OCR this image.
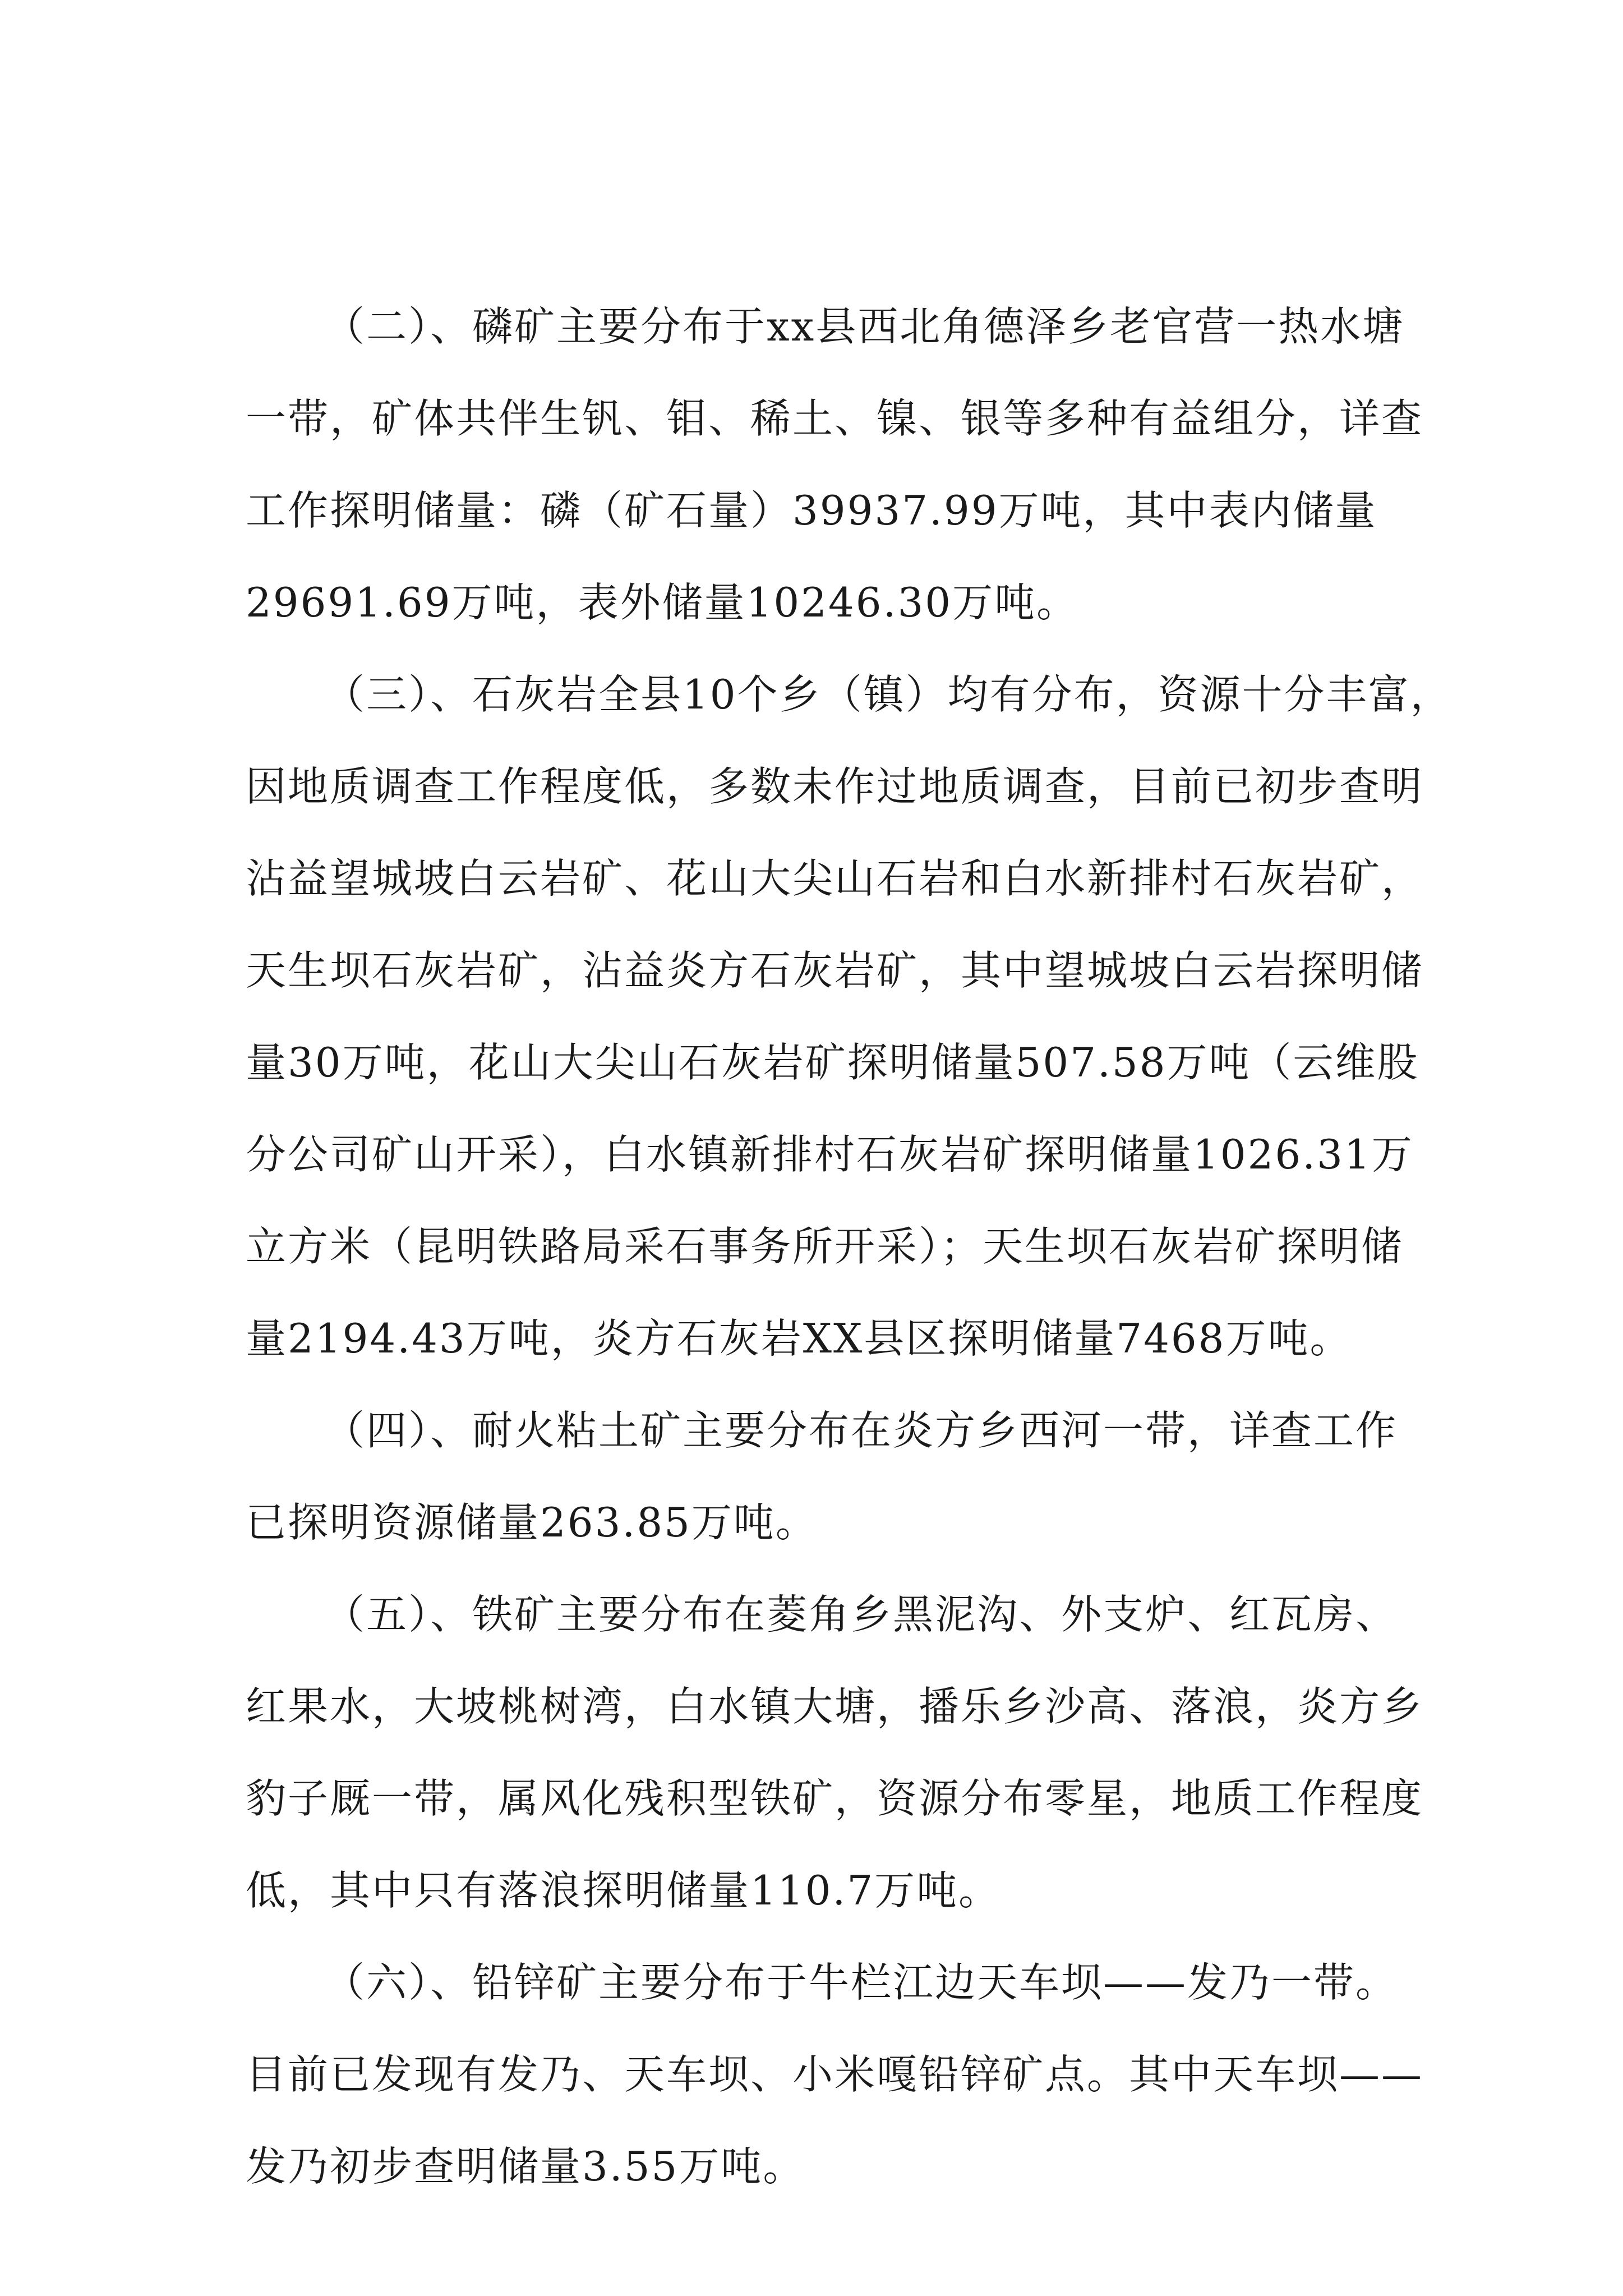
（二）、磷矿主要分布于xx县西北角德泽乡老官营一热水塘
一带，矿体共伴生钒、钼、稀土、镍、银等多种有益组分，详查
工作探明储量：磷（矿石量）39937.99万吨，其中表内储量
29691.69万吨，表外储量10246.30万吨。
（三）、石灰岩全县10个乡（镇）均有分布，资源十分丰富，
因地质调查工作程度低，多数未作过地质调查，目前已初步查明
沾益望城坡白云岩矿、花山大尖山石岩和白水新排村石灰岩矿，
天生坝石灰岩矿，沾益炎方石灰岩矿，其中望城坡白云岩探明储
量30万吨，花山大尖山石灰岩矿探明储量507.58万吨（云维股
分公司矿山开采），白水镇新排村石灰岩矿探明储量1026.31万
立方米（昆明铁路局采石事务所开采）；天生坝石灰岩矿探明储
量2194.43万吨，炎方石灰岩XX县区探明储量7468万吨。
（四）、耐火粘土矿主要分布在炎方乡西河一带，详查工作
已探明资源储量263.85万吨。
（五）、铁矿主要分布在菱角乡黑泥沟、外支炉、红瓦房、
红果水，大坡桃树湾，白水镇大塘，播乐乡沙高、落浪，炎方乡
豹子厩一带，属风化残积型铁矿，资源分布零星，地质工作程度
低，其中只有落浪探明储量110.7万吨。
（六）、铅锌矿主要分布于牛栏江边天车坝——发乃一带。
目前已发现有发乃、天车坝、小米嘎铅锌矿点。其中天车坝——
发乃初步查明储量3.55万吨。
